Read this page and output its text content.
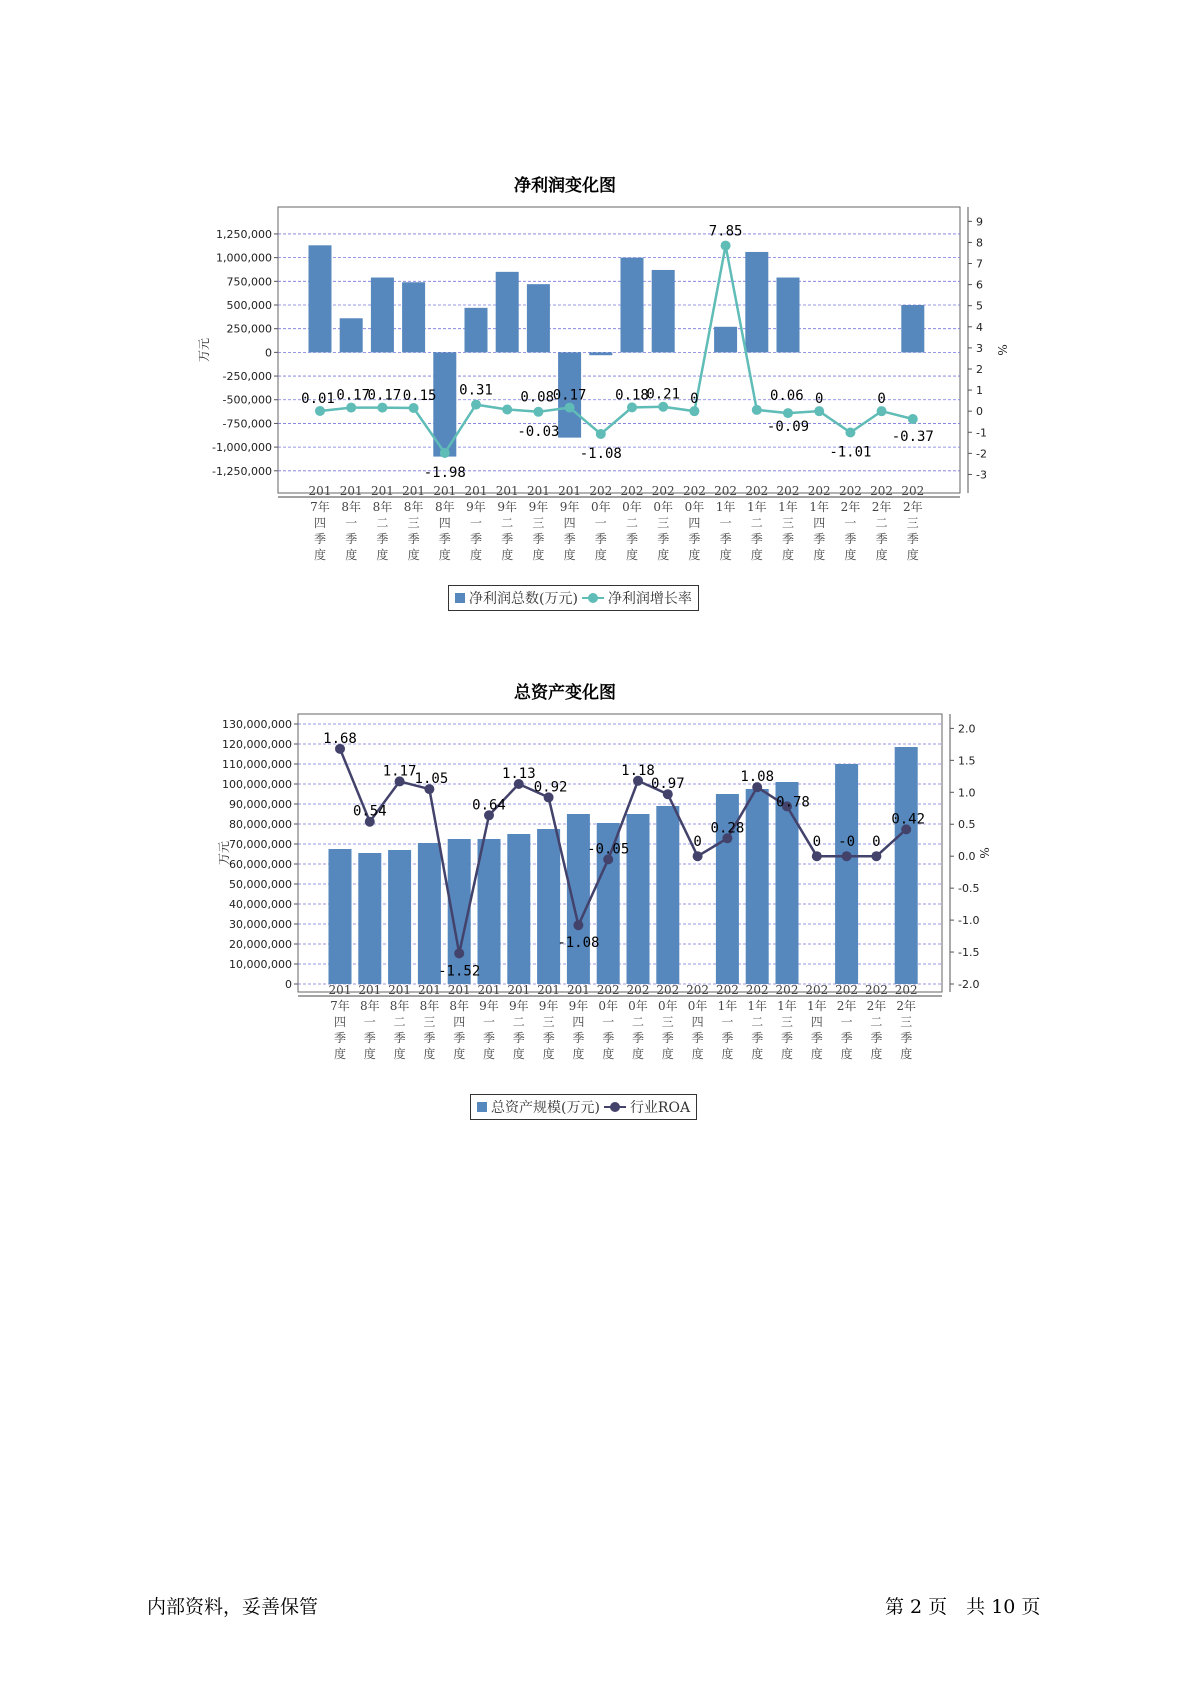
净利润变化图
1,250,000
1,000,000
750,000
500,000
250,000
0
-250,000
-500,000
-750,000
-1,000,000
-1,250,000
9
8
7
6
5
4
3
2
1
0
-1
-2
-3
万元	%
0.01 0.17
0.17 0.15
-1.98
0.31 0.08
-0.03
0.17
-1.08
0.18
0.21 0
7.85
0.06
-0.09
0
-1.01
0
-0.37
201
7年
四
季
度
201
8年
一
季
度
201
8年
二
季
度
201
8年
三
季
度
201
8年
四
季
度
201
9年
一
季
度
201
9年
二
季
度
201
9年
三
季
度
201
9年
四
季
度
202
0年
一
季
度
202
0年
二
季
度
202
0年
三
季
度
202
0年
四
季
度
202
1年
一
季
度
202
1年
二
季
度
202
1年
三
季
度
202
1年
四
季
度
202
2年
一
季
度
202
2年
二
季
度
202
2年
三
季
度
净利润总数(万元) 净利润增长率
总资产变化图
130,000,000
120,000,000
110,000,000
100,000,000
90,000,000
80,000,000
70,000,000
60,000,000
50,000,000
40,000,000
30,000,000
20,000,000
10,000,000
0
2.0
1.5
1.0
0.5
0.0
-0.5
-1.0
-1.5
-2.0
万元	%
1.68
0.54
1.17
1.05
-1.52
0.64
1.13
0.92
-1.08
-0.05
1.18
0.97
0
0.28
1.08
0.78
0 -0 0
0.42
201
7年
四
季
度
201
8年
一
季
度
201
8年
二
季
度
201
8年
三
季
度
201
8年
四
季
度
201
9年
一
季
度
201
9年
二
季
度
201
9年
三
季
度
201
9年
四
季
度
202
0年
一
季
度
202
0年
二
季
度
202
0年
三
季
度
202
0年
四
季
度
202
1年
一
季
度
202
1年
二
季
度
202
1年
三
季
度
202
1年
四
季
度
202
2年
一
季
度
202
2年
二
季
度
202
2年
三
季
度
总资产规模(万元) 行业ROA
内部资料，妥善保管	第 2 页　共 10 页
